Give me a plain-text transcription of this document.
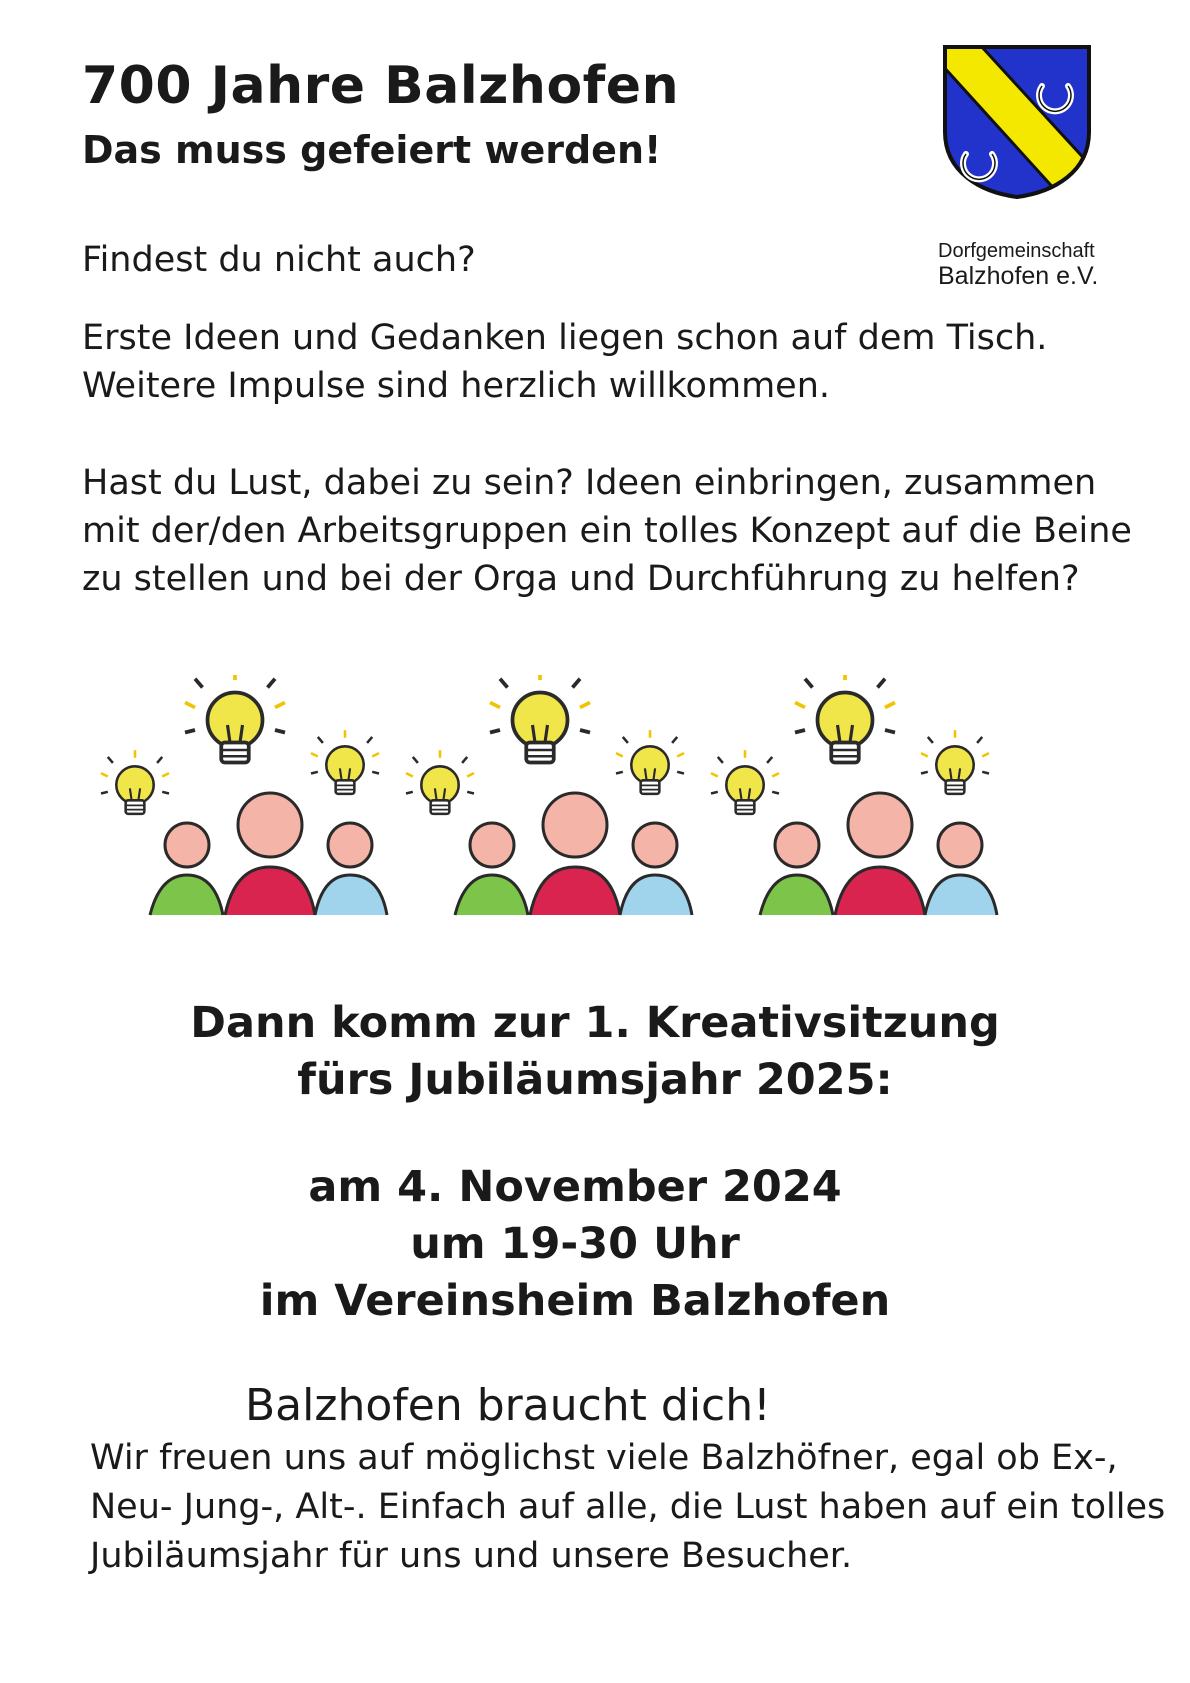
700 Jahre Balzhofen
Das muss gefeiert werden!
Dorfgemeinschaft
Balzhofen e.V.
Findest du nicht auch?
Erste Ideen und Gedanken liegen schon auf dem Tisch. Weitere Impulse sind herzlich willkommen.
Hast du Lust, dabei zu sein? Ideen einbringen, zusammen mit der/den Arbeitsgruppen ein tolles Konzept auf die Beine zu stellen und bei der Orga und Durchführung zu helfen?
Dann komm zur 1. Kreativsitzung
fürs Jubiläumsjahr 2025:
am 4. November 2024
um 19-30 Uhr
im Vereinsheim Balzhofen
Balzhofen braucht dich!
Wir freuen uns auf möglichst viele Balzhöfner, egal ob Ex-, Neu- Jung-, Alt-. Einfach auf alle, die Lust haben auf ein tolles Jubiläumsjahr für uns und unsere Besucher.
